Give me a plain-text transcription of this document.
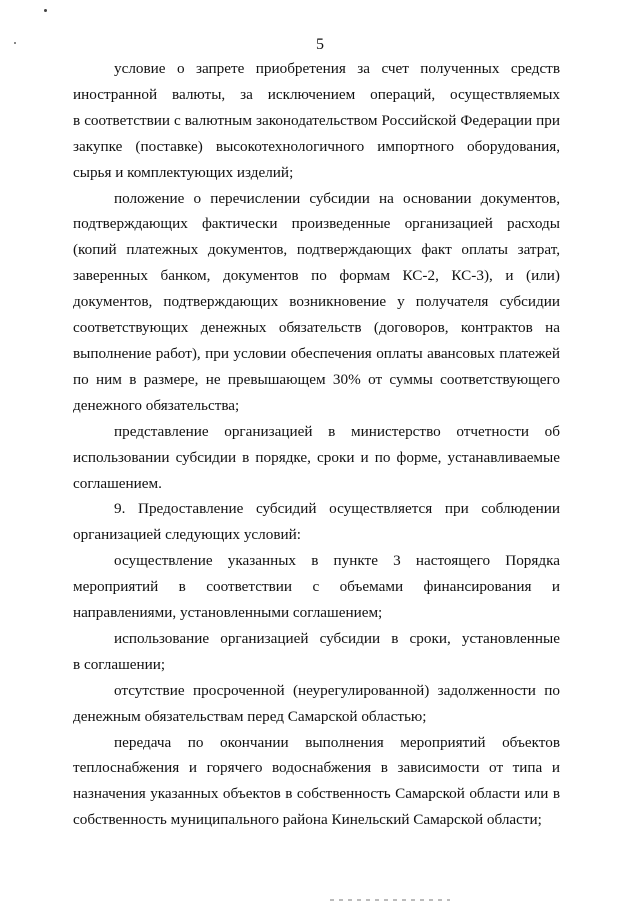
5
условие о запрете приобретения за счет полученных средств
иностранной валюты, за исключением операций, осуществляемых
в соответствии с валютным законодательством Российской Федерации при
закупке (поставке) высокотехнологичного импортного оборудования,
сырья и комплектующих изделий;
положение о перечислении субсидии на основании документов,
подтверждающих фактически произведенные организацией расходы
(копий платежных документов, подтверждающих факт оплаты затрат,
заверенных банком, документов по формам КС-2, КС-3), и (или)
документов, подтверждающих возникновение у получателя субсидии
соответствующих денежных обязательств (договоров, контрактов на
выполнение работ), при условии обеспечения оплаты авансовых платежей
по ним в размере, не превышающем 30% от суммы соответствующего
денежного обязательства;
представление организацией в министерство отчетности об
использовании субсидии в порядке, сроки и по форме, устанавливаемые
соглашением.
9. Предоставление субсидий осуществляется при соблюдении
организацией следующих условий:
осуществление указанных в пункте 3 настоящего Порядка
мероприятий в соответствии с объемами финансирования и
направлениями, установленными соглашением;
использование организацией субсидии в сроки, установленные
в соглашении;
отсутствие просроченной (неурегулированной) задолженности по
денежным обязательствам перед Самарской областью;
передача по окончании выполнения мероприятий объектов
теплоснабжения и горячего водоснабжения в зависимости от типа и
назначения указанных объектов в собственность Самарской области или в
собственность муниципального района Кинельский Самарской области;
